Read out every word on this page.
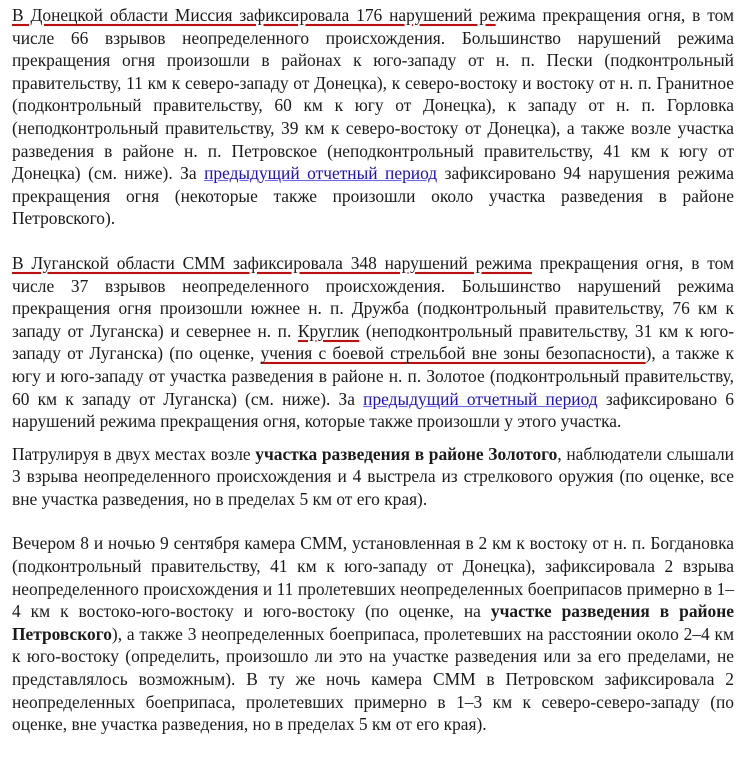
В Донецкой области Миссия зафиксировала 176 нарушений режима прекращения огня, в том числе 66 взрывов неопределенного происхождения. Большинство нарушений режима прекращения огня произошли в районах к юго-западу от н. п. Пески (подконтрольный правительству, 11 км к северо-западу от Донецка), к северо-востоку и востоку от н. п. Гранитное (подконтрольный правительству, 60 км к югу от Донецка), к западу от н. п. Горловка (неподконтрольный правительству, 39 км к северо-востоку от Донецка), а также возле участка разведения в районе н. п. Петровское (неподконтрольный правительству, 41 км к югу от Донецка) (см. ниже). За предыдущий отчетный период зафиксировано 94 нарушения режима прекращения огня (некоторые также произошли около участка разведения в районе Петровского).

В Луганской области СММ зафиксировала 348 нарушений режима прекращения огня, в том числе 37 взрывов неопределенного происхождения. Большинство нарушений режима прекращения огня произошли южнее н. п. Дружба (подконтрольный правительству, 76 км к западу от Луганска) и севернее н. п. Круглик (неподконтрольный правительству, 31 км к юго-западу от Луганска) (по оценке, учения с боевой стрельбой вне зоны безопасности), а также к югу и юго-западу от участка разведения в районе н. п. Золотое (подконтрольный правительству, 60 км к западу от Луганска) (см. ниже). За предыдущий отчетный период зафиксировано 6 нарушений режима прекращения огня, которые также произошли у этого участка.

Патрулируя в двух местах возле участка разведения в районе Золотого, наблюдатели слышали 3 взрыва неопределенного происхождения и 4 выстрела из стрелкового оружия (по оценке, все вне участка разведения, но в пределах 5 км от его края).

Вечером 8 и ночью 9 сентября камера СММ, установленная в 2 км к востоку от н. п. Богдановка (подконтрольный правительству, 41 км к юго-западу от Донецка), зафиксировала 2 взрыва неопределенного происхождения и 11 пролетевших неопределенных боеприпасов примерно в 1–4 км к востоко-юго-востоку и юго-востоку (по оценке, на участке разведения в районе Петровского), а также 3 неопределенных боеприпаса, пролетевших на расстоянии около 2–4 км к юго-востоку (определить, произошло ли это на участке разведения или за его пределами, не представлялось возможным). В ту же ночь камера СММ в Петровском зафиксировала 2 неопределенных боеприпаса, пролетевших примерно в 1–3 км к северо-северо-западу (по оценке, вне участка разведения, но в пределах 5 км от его края).
